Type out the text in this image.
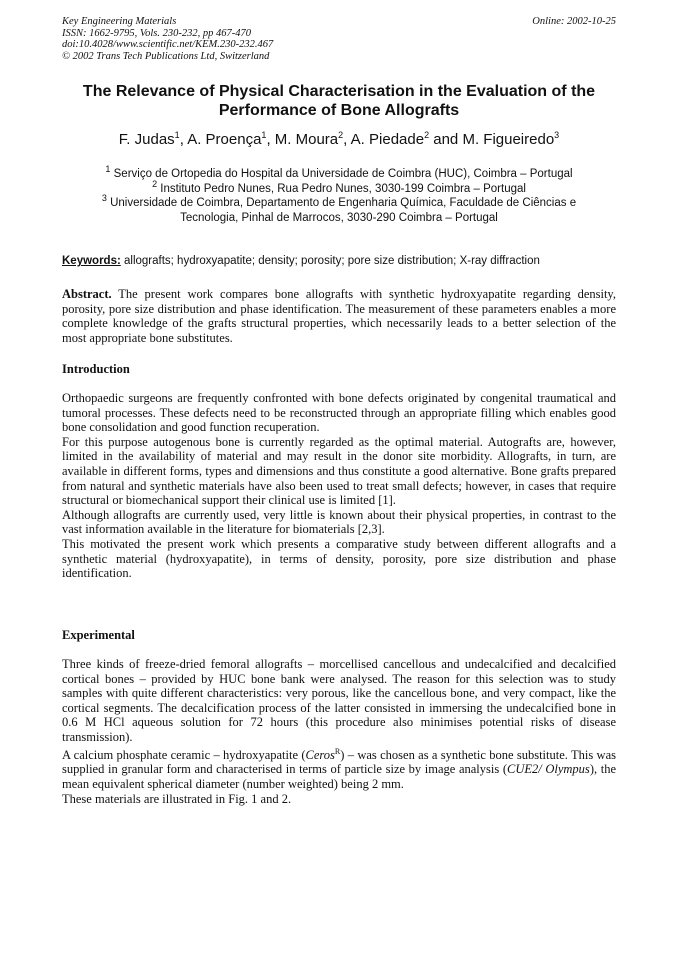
Key Engineering Materials
ISSN: 1662-9795, Vols. 230-232, pp 467-470
doi:10.4028/www.scientific.net/KEM.230-232.467
© 2002 Trans Tech Publications Ltd, Switzerland
Online: 2002-10-25
The Relevance of Physical Characterisation in the Evaluation of the
Performance of Bone Allografts
F. Judas$^1$, A. Proença$^1$, M. Moura$^2$, A. Piedade$^2$ and M. Figueiredo$^3$
$^1$ Serviço de Ortopedia do Hospital da Universidade de Coimbra (HUC), Coimbra – Portugal
$^2$ Instituto Pedro Nunes, Rua Pedro Nunes, 3030-199 Coimbra – Portugal
$^3$ Universidade de Coimbra, Departamento de Engenharia Química, Faculdade de Ciências e
Tecnologia, Pinhal de Marrocos, 3030-290 Coimbra – Portugal
Keywords: allografts; hydroxyapatite; density; porosity; pore size distribution; X-ray diffraction

Abstract. The present work compares bone allografts with synthetic hydroxyapatite regarding density, porosity, pore size distribution and phase identification. The measurement of these parameters enables a more complete knowledge of the grafts structural properties, which necessarily leads to a better selection of the most appropriate bone substitutes.

Introduction

Orthopaedic surgeons are frequently confronted with bone defects originated by congenital traumatical and tumoral processes. These defects need to be reconstructed through an appropriate filling which enables good bone consolidation and good function recuperation.

For this purpose autogenous bone is currently regarded as the optimal material. Autografts are, however, limited in the availability of material and may result in the donor site morbidity. Allografts, in turn, are available in different forms, types and dimensions and thus constitute a good alternative. Bone grafts prepared from natural and synthetic materials have also been used to treat small defects; however, in cases that require structural or biomechanical support their clinical use is limited [1].

Although allografts are currently used, very little is known about their physical properties, in contrast to the vast information available in the literature for biomaterials [2,3].

This motivated the present work which presents a comparative study between different allografts and a synthetic material (hydroxyapatite), in terms of density, porosity, pore size distribution and phase identification.

Experimental

Three kinds of freeze-dried femoral allografts – morcellised cancellous and undecalcified and decalcified cortical bones – provided by HUC bone bank were analysed. The reason for this selection was to study samples with quite different characteristics: very porous, like the cancellous bone, and very compact, like the cortical segments. The decalcification process of the latter consisted in immersing the undecalcified bone in 0.6 M HCl aqueous solution for 72 hours (this procedure also minimises potential risks of disease transmission).

A calcium phosphate ceramic – hydroxyapatite (Ceros$^R$) – was chosen as a synthetic bone substitute. This was supplied in granular form and characterised in terms of particle size by image analysis (CUE2/ Olympus), the mean equivalent spherical diameter (number weighted) being 2 mm.

These materials are illustrated in Fig. 1 and 2.
